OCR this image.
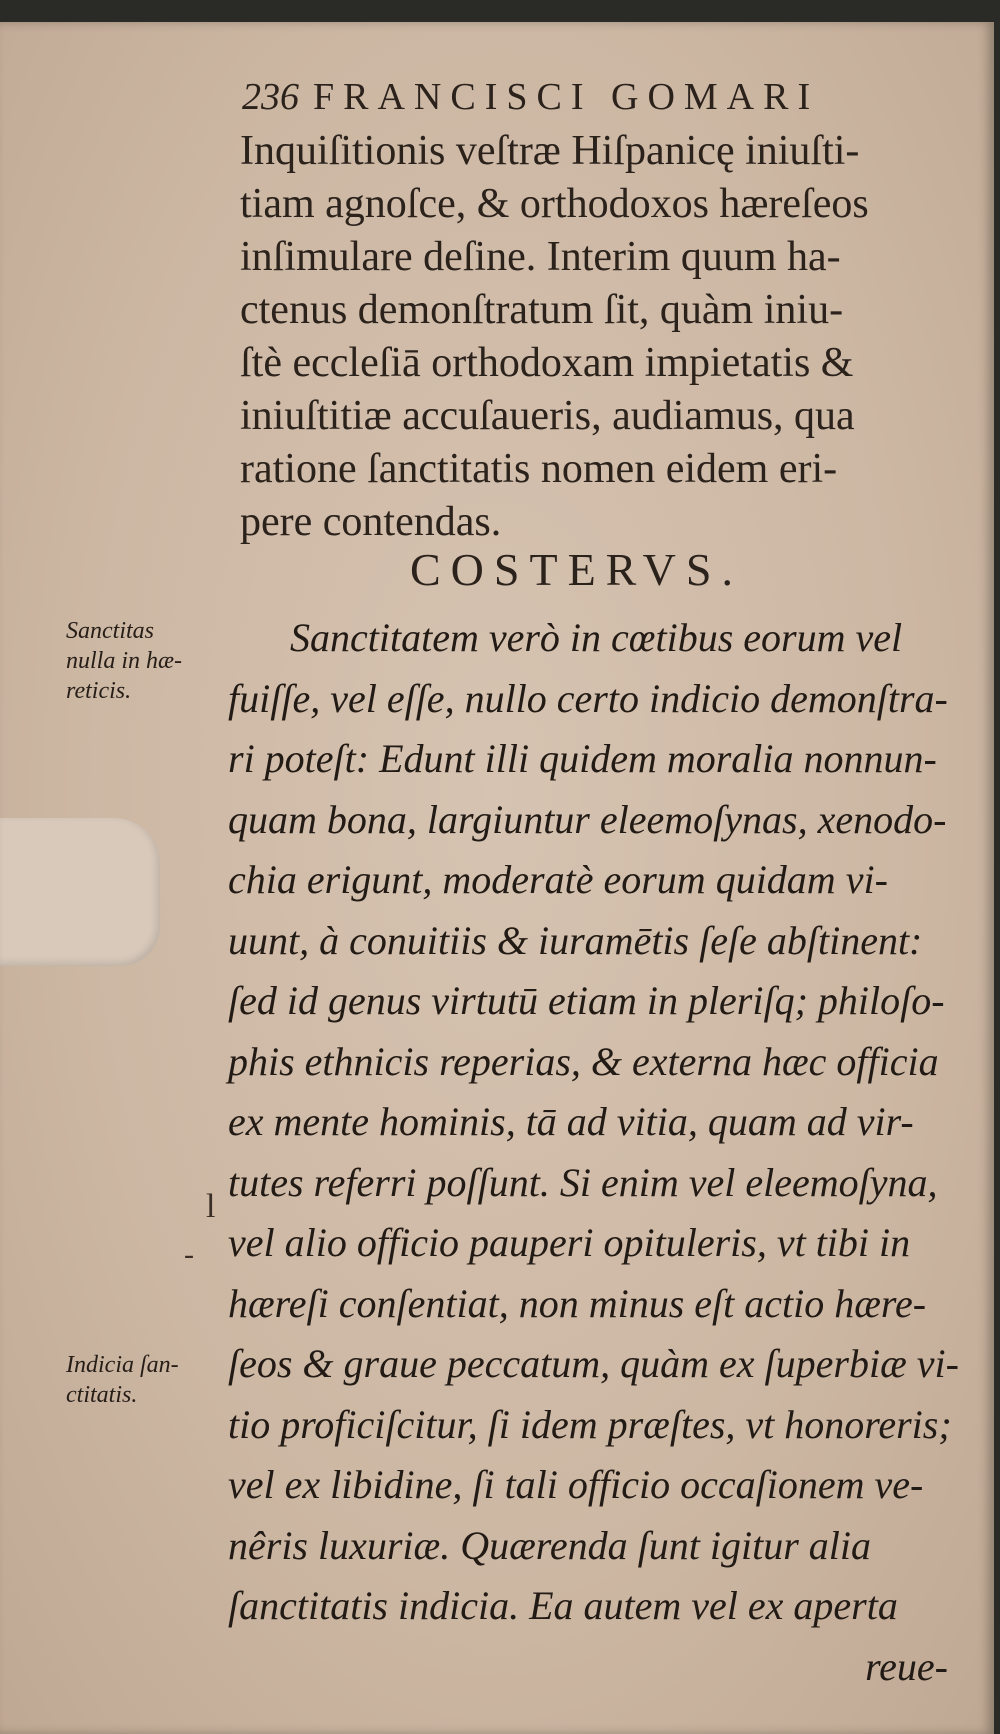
236 FRANCISCI GOMARI
Inquiſitionis veſtræ Hiſpanicę iniuſti-
tiam agnoſce, & orthodoxos hæreſeos
inſimulare deſine. Interim quum ha-
ctenus demonſtratum ſit, quàm iniu-
ſtè eccleſiā orthodoxam impietatis &
iniuſtitiæ accuſaueris, audiamus, qua
ratione ſanctitatis nomen eidem eri-
pere contendas.
COSTERVS.
Sanctitatem verò in cœtibus eorum vel
fuiſſe, vel eſſe, nullo certo indicio demonſtra-
ri poteſt: Edunt illi quidem moralia nonnun-
quam bona, largiuntur eleemoſynas, xenodo-
chia erigunt, moderatè eorum quidam vi-
uunt, à conuitiis & iuramētis ſeſe abſtinent:
ſed id genus virtutū etiam in pleriſq; philoſo-
phis ethnicis reperias, & externa hæc officia
ex mente hominis, tā ad vitia, quam ad vir-
tutes referri poſſunt. Si enim vel eleemoſyna,
vel alio officio pauperi opituleris, vt tibi in
hæreſi conſentiat, non minus eſt actio hære-
ſeos & graue peccatum, quàm ex ſuperbiæ vi-
tio proficiſcitur, ſi idem præſtes, vt honoreris;
vel ex libidine, ſi tali officio occaſionem ve-
nêris luxuriæ. Quærenda ſunt igitur alia
ſanctitatis indicia. Ea autem vel ex aperta
reue-
Sanctitas
nulla in hæ-
reticis.
Indicia ſan-
ctitatis.
l
-
